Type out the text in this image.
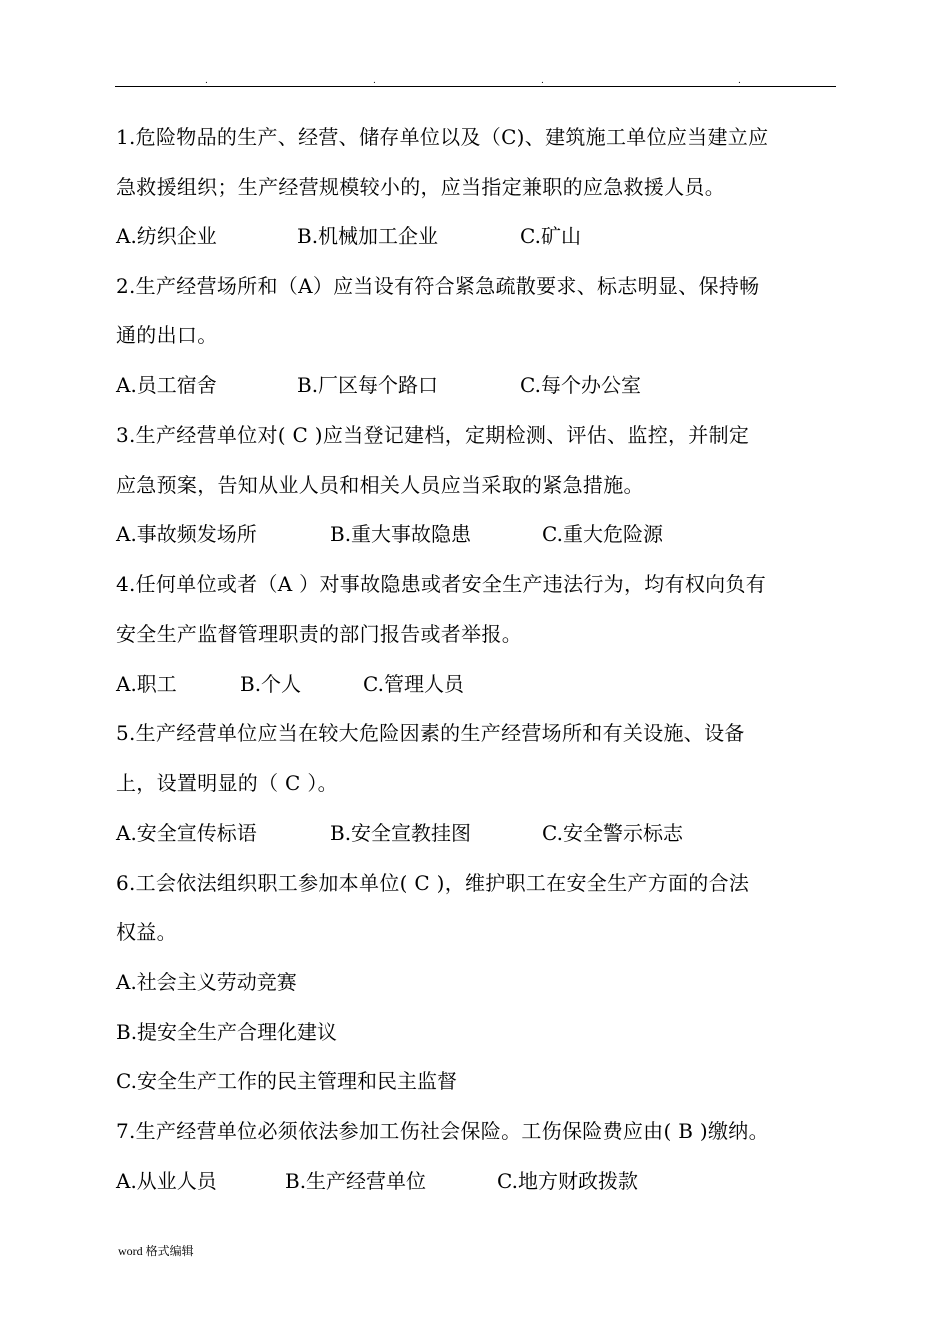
.	.	.	.
1.危险物品的生产、经营、储存单位以及（C)、建筑施工单位应当建立应
急救援组织；生产经营规模较小的，应当指定兼职的应急救援人员。
A.纺织企业	B.机械加工企业	C.矿山
2.生产经营场所和（A）应当设有符合紧急疏散要求、标志明显、保持畅
通的出口。
A.员工宿舍	B.厂区每个路口	C.每个办公室
3.生产经营单位对( C )应当登记建档，定期检测、评估、监控，并制定
应急预案，告知从业人员和相关人员应当采取的紧急措施。
A.事故频发场所	B.重大事故隐患	C.重大危险源
4.任何单位或者（A ）对事故隐患或者安全生产违法行为，均有权向负有
安全生产监督管理职责的部门报告或者举报。
A.职工	B.个人	C.管理人员
5.生产经营单位应当在较大危险因素的生产经营场所和有关设施、设备
上，设置明显的（ C ）。
A.安全宣传标语	B.安全宣教挂图	C.安全警示标志
6.工会依法组织职工参加本单位( C )，维护职工在安全生产方面的合法
权益。
A.社会主义劳动竞赛
B.提安全生产合理化建议
C.安全生产工作的民主管理和民主监督
7.生产经营单位必须依法参加工伤社会保险。工伤保险费应由( B )缴纳。
A.从业人员	B.生产经营单位	C.地方财政拨款
word 格式编辑
